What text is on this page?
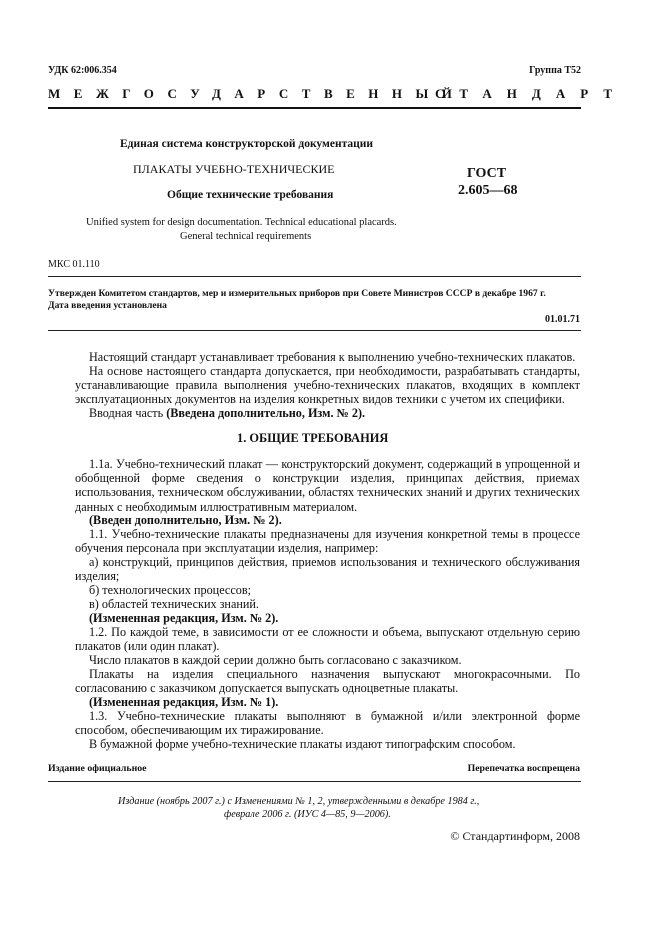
УДК 62:006.354	Группа Т52
МЕЖГОСУДАРСТВЕННЫЙ
СТАНДАРТ
Единая система конструкторской документации
ПЛАКАТЫ УЧЕБНО-ТЕХНИЧЕСКИЕ
Общие технические требования
ГОСТ
2.605—68
Unified system for design documentation. Technical educational placards.
General technical requirements
МКС 01.110
Утвержден Комитетом стандартов, мер и измерительных приборов при Совете Министров СССР в декабре 1967 г.
Дата введения установлена
01.01.71
Настоящий стандарт устанавливает требования к выполнению учебно-технических плакатов.
На основе настоящего стандарта допускается, при необходимости, разрабатывать стандарты, устанавливающие правила выполнения учебно-технических плакатов, входящих в комплект эксплуатационных документов на изделия конкретных видов техники с учетом их специфики.
Вводная часть (Введена дополнительно, Изм. № 2).
1. ОБЩИЕ ТРЕБОВАНИЯ
1.1а. Учебно-технический плакат — конструкторский документ, содержащий в упрощенной и обобщенной форме сведения о конструкции изделия, принципах действия, приемах использования, техническом обслуживании, областях технических знаний и других технических данных с необходимым иллюстративным материалом.
(Введен дополнительно, Изм. № 2).
1.1. Учебно-технические плакаты предназначены для изучения конкретной темы в процессе обучения персонала при эксплуатации изделия, например:
а) конструкций, принципов действия, приемов использования и технического обслуживания изделия;
б) технологических процессов;
в) областей технических знаний.
(Измененная редакция, Изм. № 2).
1.2. По каждой теме, в зависимости от ее сложности и объема, выпускают отдельную серию плакатов (или один плакат).
Число плакатов в каждой серии должно быть согласовано с заказчиком.
Плакаты на изделия специального назначения выпускают многокрасочными. По согласованию с заказчиком допускается выпускать одноцветные плакаты.
(Измененная редакция, Изм. № 1).
1.3. Учебно-технические плакаты выполняют в бумажной и/или электронной форме способом, обеспечивающим их тиражирование.
В бумажной форме учебно-технические плакаты издают типографским способом.
Издание официальное	Перепечатка воспрещена
Издание (ноябрь 2007 г.) с Изменениями № 1, 2, утвержденными в декабре 1984 г.,
феврале 2006 г. (ИУС 4—85, 9—2006).
© Стандартинформ, 2008
